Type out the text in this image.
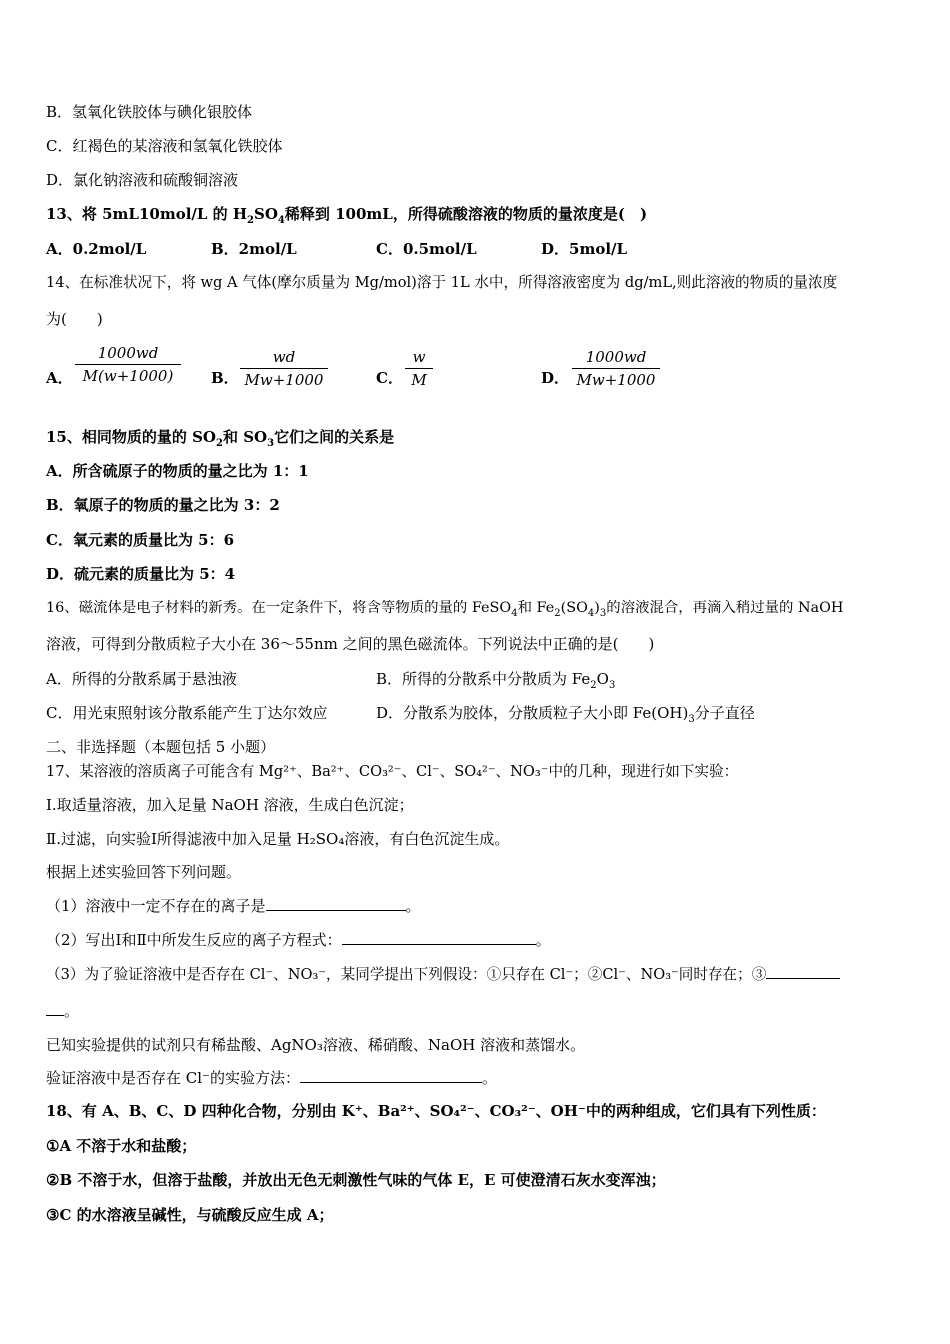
B．氢氧化铁胶体与碘化银胶体
C．红褐色的某溶液和氢氧化铁胶体
D．氯化钠溶液和硫酸铜溶液
13、将 5mL10mol/L 的 $H_2SO_4$稀释到 100mL，所得硫酸溶液的物质的量浓度是(　)
A．0.2mol/L	B．2mol/L	C．0.5mol/L	D．5mol/L
14、在标准状况下，将 wg A 气体(摩尔质量为 Mg/mol)溶于 1L 水中，所得溶液密度为 dg/mL,则此溶液的物质的量浓度
为(　　)
A．
1000wd
M(w+1000)	B．
wd
Mw+1000	C．
w
M	D．
1000wd
Mw+1000
15、相同物质的量的 $SO_2$和 $SO_3$它们之间的关系是
A．所含硫原子的物质的量之比为 1：1
B．氧原子的物质的量之比为 3：2
C．氧元素的质量比为 5：6
D．硫元素的质量比为 5：4
16、磁流体是电子材料的新秀。在一定条件下，将含等物质的量的 FeSO$_4$和 $Fe_2(SO_4)_3$的溶液混合，再滴入稍过量的 NaOH
溶液，可得到分散质粒子大小在 36～55nm 之间的黑色磁流体。下列说法中正确的是(　　)
A．所得的分散系属于悬浊液	B．所得的分散系中分散质为 $Fe_2O_3$
C．用光束照射该分散系能产生丁达尔效应	D．分散系为胶体，分散质粒子大小即 $Fe(OH)_3$分子直径
二、非选择题（本题包括 5 小题）
17、某溶液的溶质离子可能含有 Mg²⁺、Ba²⁺、CO₃²⁻、Cl⁻、SO₄²⁻、NO₃⁻中的几种，现进行如下实验：
Ⅰ.取适量溶液，加入足量 NaOH 溶液，生成白色沉淀；
Ⅱ.过滤，向实验Ⅰ所得滤液中加入足量 H₂SO₄溶液，有白色沉淀生成。
根据上述实验回答下列问题。
（1）溶液中一定不存在的离子是	。
（2）写出Ⅰ和Ⅱ中所发生反应的离子方程式：	。
（3）为了验证溶液中是否存在 Cl⁻、NO₃⁻，某同学提出下列假设：①只存在 Cl⁻；②Cl⁻、NO₃⁻同时存在；③
。
已知实验提供的试剂只有稀盐酸、AgNO₃溶液、稀硝酸、NaOH 溶液和蒸馏水。
验证溶液中是否存在 Cl⁻的实验方法：	。
18、有 A、B、C、D 四种化合物，分别由 K⁺、Ba²⁺、SO₄²⁻、CO₃²⁻、OH⁻中的两种组成，它们具有下列性质：
①A 不溶于水和盐酸；
②B 不溶于水，但溶于盐酸，并放出无色无刺激性气味的气体 E，E 可使澄清石灰水变浑浊；
③C 的水溶液呈碱性，与硫酸反应生成 A；
